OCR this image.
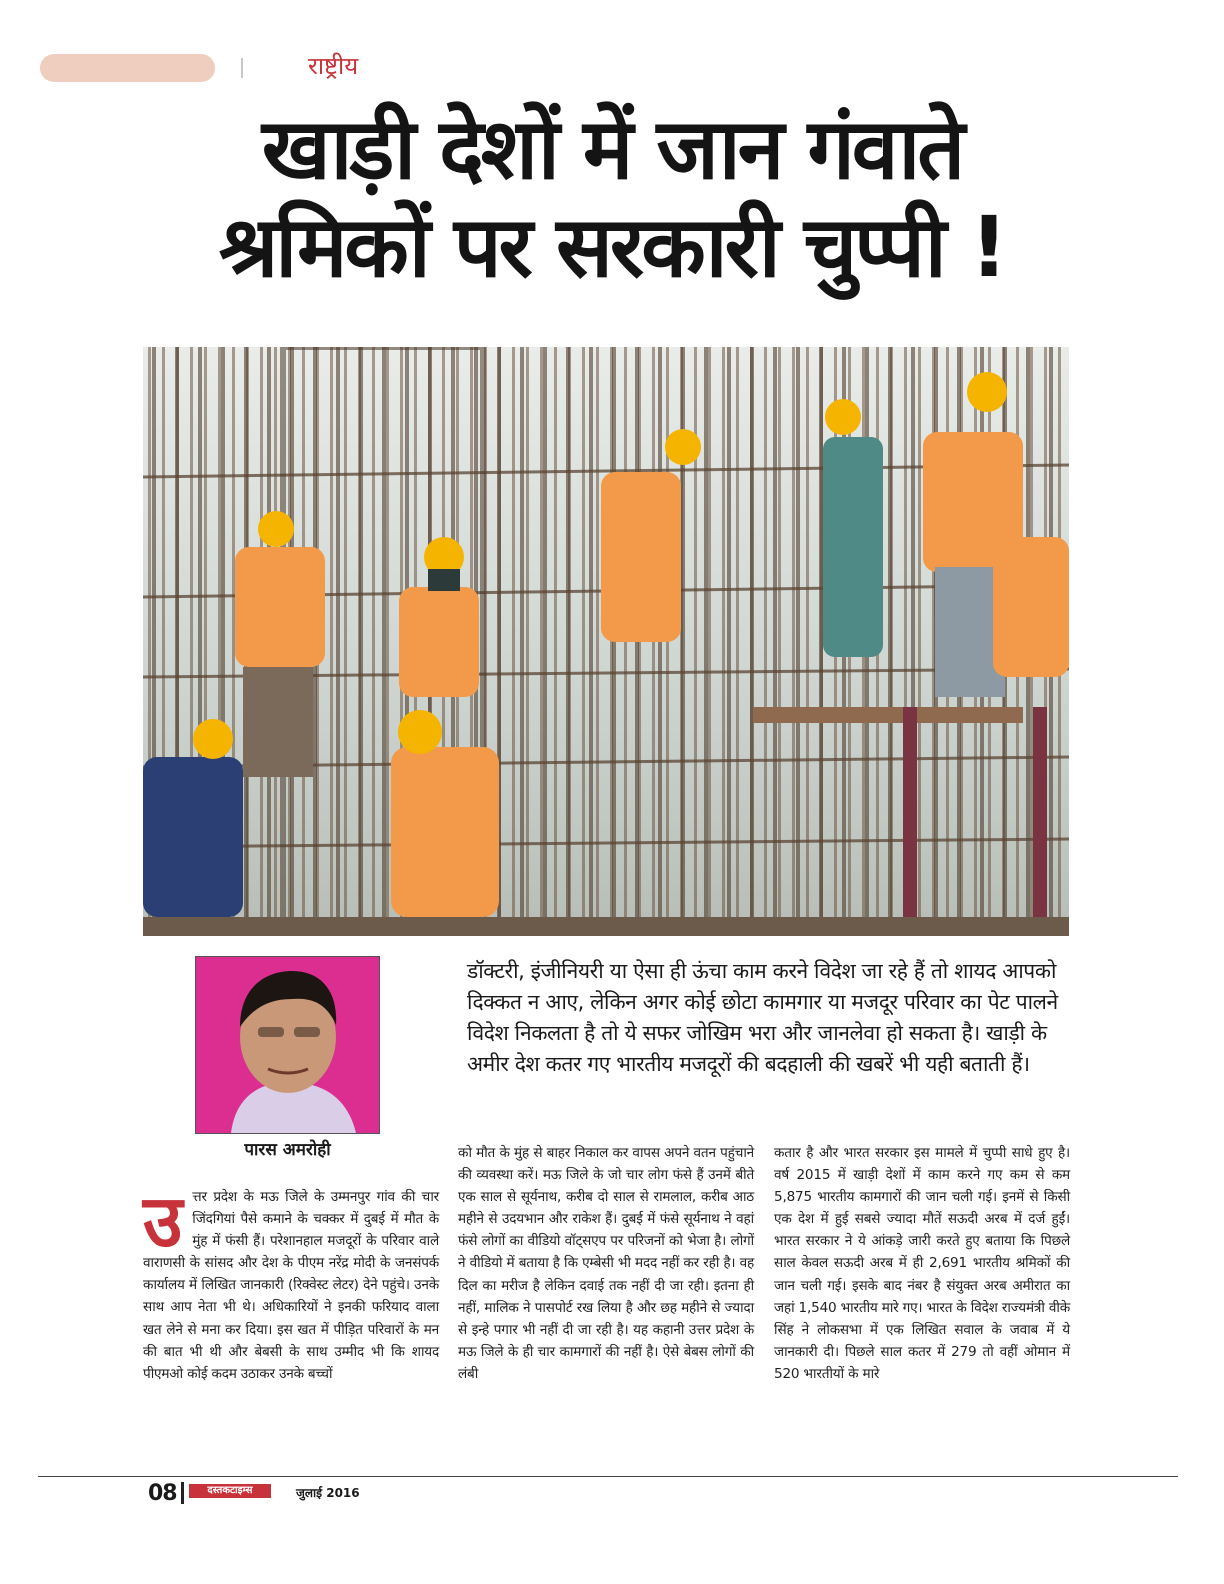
राष्ट्रीय
खाड़ी देशों में जान गंवाते
श्रमिकों पर सरकारी चुप्पी !
पारस अमरोही
डॉक्टरी, इंजीनियरी या ऐसा ही ऊंचा काम करने विदेश जा रहे हैं तो शायद आपको दिक्कत न आए, लेकिन अगर कोई छोटा कामगार या मजदूर परिवार का पेट पालने विदेश निकलता है तो ये सफर जोखिम भरा और जानलेवा हो सकता है। खाड़ी के अमीर देश कतर गए भारतीय मजदूरों की बदहाली की खबरें भी यही बताती हैं।
उत्तर प्रदेश के मऊ जिले के उम्मनपुर गांव की चार जिंदगियां पैसे कमाने के चक्कर में दुबई में मौत के मुंह में फंसी हैं। परेशानहाल मजदूरों के परिवार वाले वाराणसी के सांसद और देश के पीएम नरेंद्र मोदी के जनसंपर्क कार्यालय में लिखित जानकारी (रिक्वेस्ट लेटर) देने पहुंचे। उनके साथ आप नेता भी थे। अधिकारियों ने इनकी फरियाद वाला खत लेने से मना कर दिया। इस खत में पीड़ित परिवारों के मन की बात भी थी और बेबसी के साथ उम्मीद भी कि शायद पीएमओ कोई कदम उठाकर उनके बच्चों
को मौत के मुंह से बाहर निकाल कर वापस अपने वतन पहुंचाने की व्यवस्था करें। मऊ जिले के जो चार लोग फंसे हैं उनमें बीते एक साल से सूर्यनाथ, करीब दो साल से रामलाल, करीब आठ महीने से उदयभान और राकेश हैं। दुबई में फंसे सूर्यनाथ ने वहां फंसे लोगों का वीडियो वॉट्सएप पर परिजनों को भेजा है। लोगों ने वीडियो में बताया है कि एम्बेसी भी मदद नहीं कर रही है। वह दिल का मरीज है लेकिन दवाई तक नहीं दी जा रही। इतना ही नहीं, मालिक ने पासपोर्ट रख लिया है और छह महीने से ज्यादा से इन्हे पगार भी नहीं दी जा रही है। यह कहानी उत्तर प्रदेश के मऊ जिले के ही चार कामगारों की नहीं है। ऐसे बेबस लोगों की लंबी
कतार है और भारत सरकार इस मामले में चुप्पी साधे हुए है। वर्ष 2015 में खाड़ी देशों में काम करने गए कम से कम 5,875 भारतीय कामगारों की जान चली गई। इनमें से किसी एक देश में हुई सबसे ज्यादा मौतें सऊदी अरब में दर्ज हुईं। भारत सरकार ने ये आंकड़े जारी करते हुए बताया कि पिछले साल केवल सऊदी अरब में ही 2,691 भारतीय श्रमिकों की जान चली गई। इसके बाद नंबर है संयुक्त अरब अमीरात का जहां 1,540 भारतीय मारे गए। भारत के विदेश राज्यमंत्री वीके सिंह ने लोकसभा में एक लिखित सवाल के जवाब में ये जानकारी दी। पिछले साल कतर में 279 तो वहीं ओमान में 520 भारतीयों के मारे
08	दस्तकटाइम्स	जुलाई 2016
